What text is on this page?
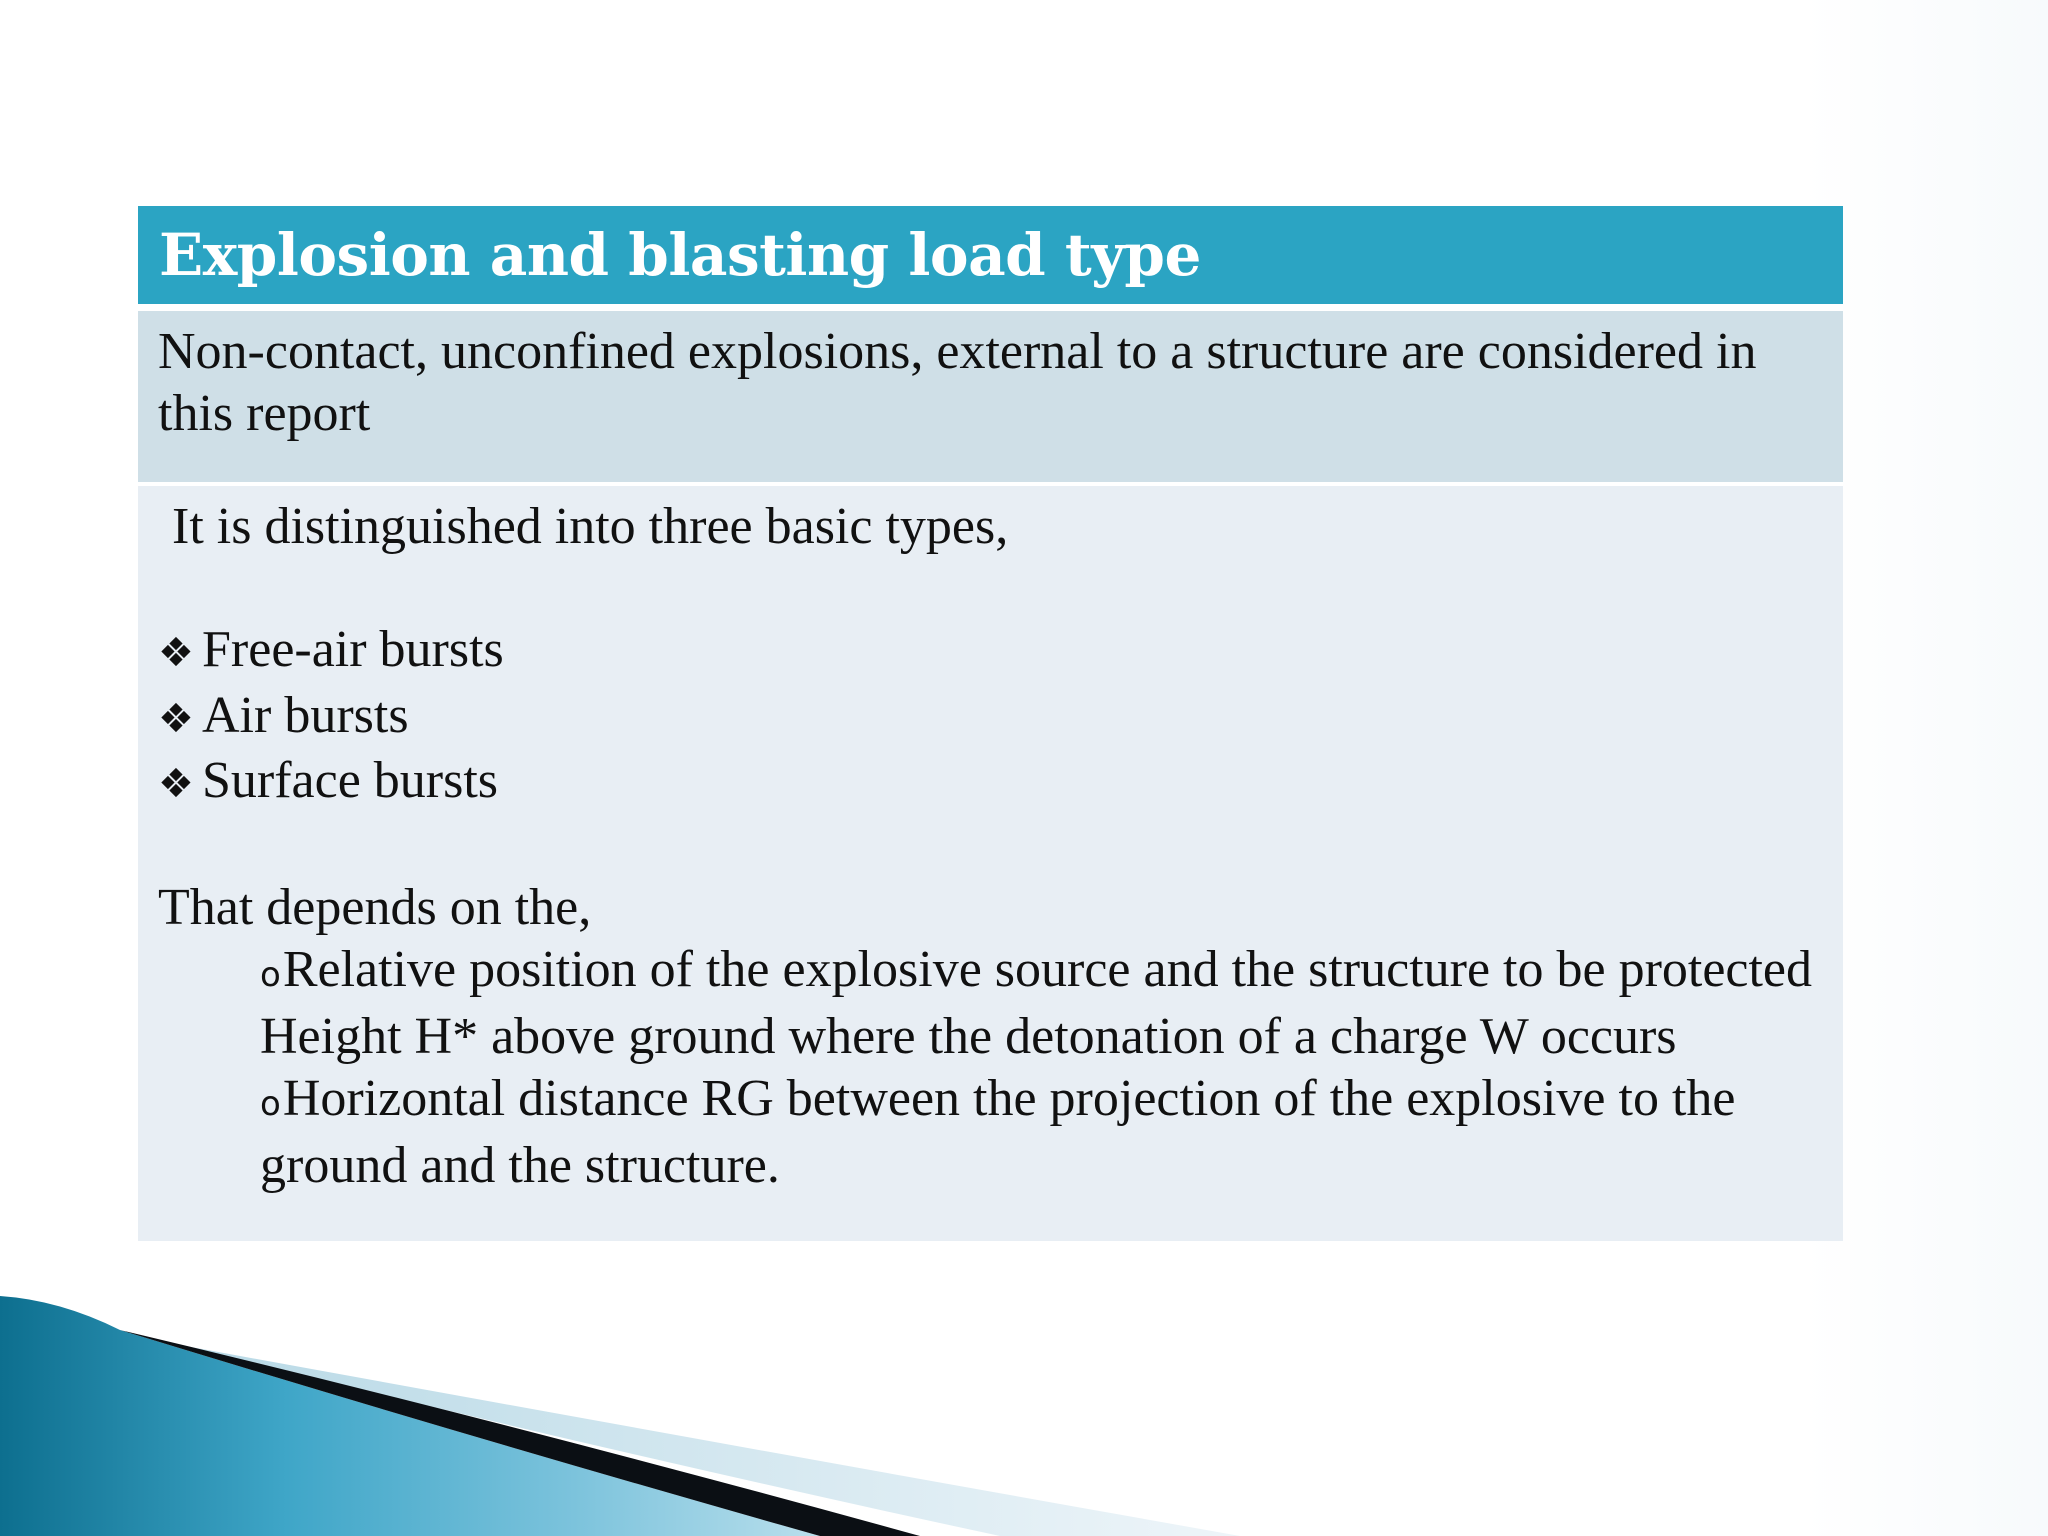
Explosion and blasting load type
Non-contact, unconfined explosions, external to a structure are considered in this report
It is distinguished into three basic types,
❖ Free-air bursts
❖ Air bursts
❖ Surface bursts
That depends on the,
oRelative position of the explosive source and the structure to be protected Height H* above ground where the detonation of a charge W occurs
oHorizontal distance RG between the projection of the explosive to the ground and the structure.
